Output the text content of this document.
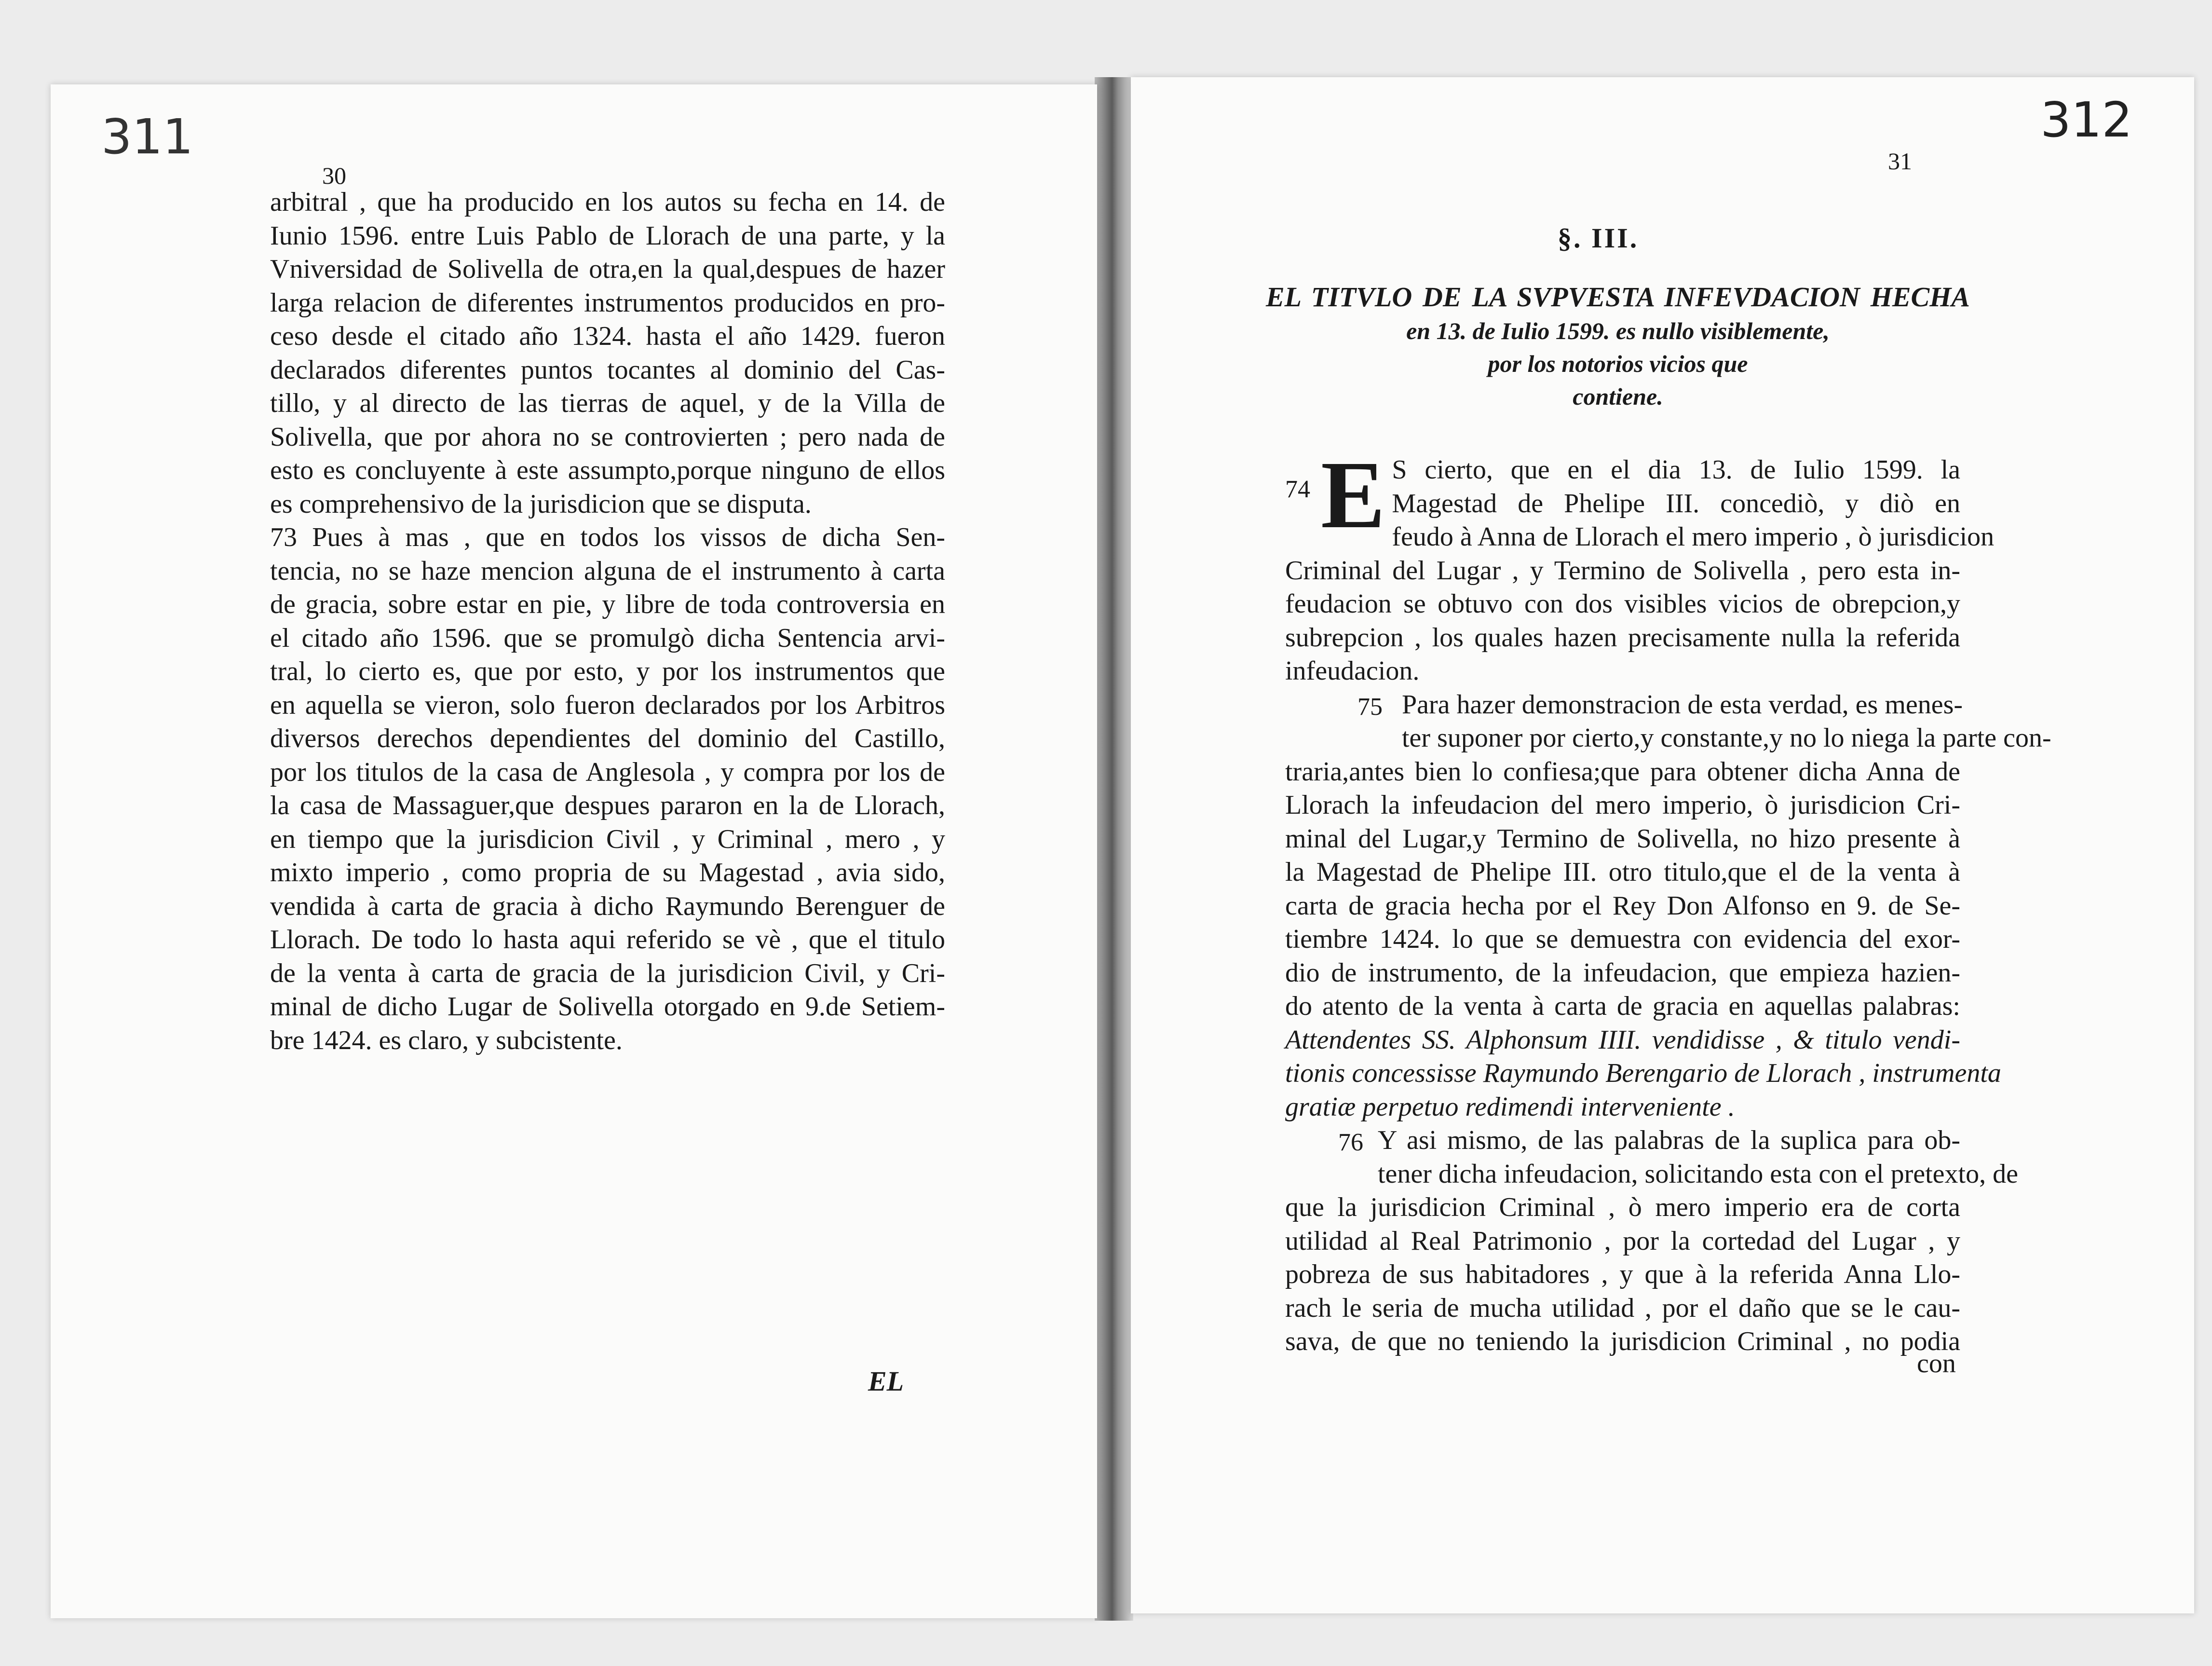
311	312
30
31
arbitral , que ha producido en los autos su fecha en 14. de
Iunio 1596. entre Luis Pablo de Llorach de una parte, y la
Vniversidad de Solivella de otra,en la qual,despues de hazer
larga relacion de diferentes instrumentos producidos en pro-
ceso desde el citado año 1324. hasta el año 1429. fueron
declarados diferentes puntos tocantes al dominio del Cas-
tillo, y al directo de las tierras de aquel, y de la Villa de
Solivella, que por ahora no se controvierten ; pero nada de
esto es concluyente à este assumpto,porque ninguno de ellos
es comprehensivo de la jurisdicion que se disputa.
73 Pues à mas , que en todos los vissos de dicha Sen-
tencia, no se haze mencion alguna de el instrumento à carta
de gracia, sobre estar en pie, y libre de toda controversia en
el citado año 1596. que se promulgò dicha Sentencia arvi-
tral, lo cierto es, que por esto, y por los instrumentos que
en aquella se vieron, solo fueron declarados por los Arbitros
diversos derechos dependientes del dominio del Castillo,
por los titulos de la casa de Anglesola , y compra por los de
la casa de Massaguer,que despues pararon en la de Llorach,
en tiempo que la jurisdicion Civil , y Criminal , mero , y
mixto imperio , como propria de su Magestad , avia sido,
vendida à carta de gracia à dicho Raymundo Berenguer de
Llorach. De todo lo hasta aqui referido se vè , que el titulo
de la venta à carta de gracia de la jurisdicion Civil, y Cri-
minal de dicho Lugar de Solivella otorgado en 9.de Setiem-
bre 1424. es claro, y subcistente.
EL
§. III.
EL TITVLO DE LA SVPVESTA INFEVDACION HECHA
en 13. de Iulio 1599. es nullo visiblemente,
por los notorios vicios que
contiene.
74 E S cierto, que en el dia 13. de Iulio 1599. la
Magestad de Phelipe III. concediò, y diò en
feudo à Anna de Llorach el mero imperio , ò jurisdicion
Criminal del Lugar , y Termino de Solivella , pero esta in-
feudacion se obtuvo con dos visibles vicios de obrepcion,y
subrepcion , los quales hazen precisamente nulla la referida
infeudacion.
75 Para hazer demonstracion de esta verdad, es menes-
ter suponer por cierto,y constante,y no lo niega la parte con-
traria,antes bien lo confiesa;que para obtener dicha Anna de
Llorach la infeudacion del mero imperio, ò jurisdicion Cri-
minal del Lugar,y Termino de Solivella, no hizo presente à
la Magestad de Phelipe III. otro titulo,que el de la venta à
carta de gracia hecha por el Rey Don Alfonso en 9. de Se-
tiembre 1424. lo que se demuestra con evidencia del exor-
dio de instrumento, de la infeudacion, que empieza hazien-
do atento de la venta à carta de gracia en aquellas palabras:
Attendentes SS. Alphonsum IIII. vendidisse , & titulo vendi-
tionis concessisse Raymundo Berengario de Llorach , instrumenta
gratiæ perpetuo redimendi interveniente .
76 Y asi mismo, de las palabras de la suplica para ob-
tener dicha infeudacion, solicitando esta con el pretexto, de
que la jurisdicion Criminal , ò mero imperio era de corta
utilidad al Real Patrimonio , por la cortedad del Lugar , y
pobreza de sus habitadores , y que à la referida Anna Llo-
rach le seria de mucha utilidad , por el daño que se le cau-
sava, de que no teniendo la jurisdicion Criminal , no podia
con
